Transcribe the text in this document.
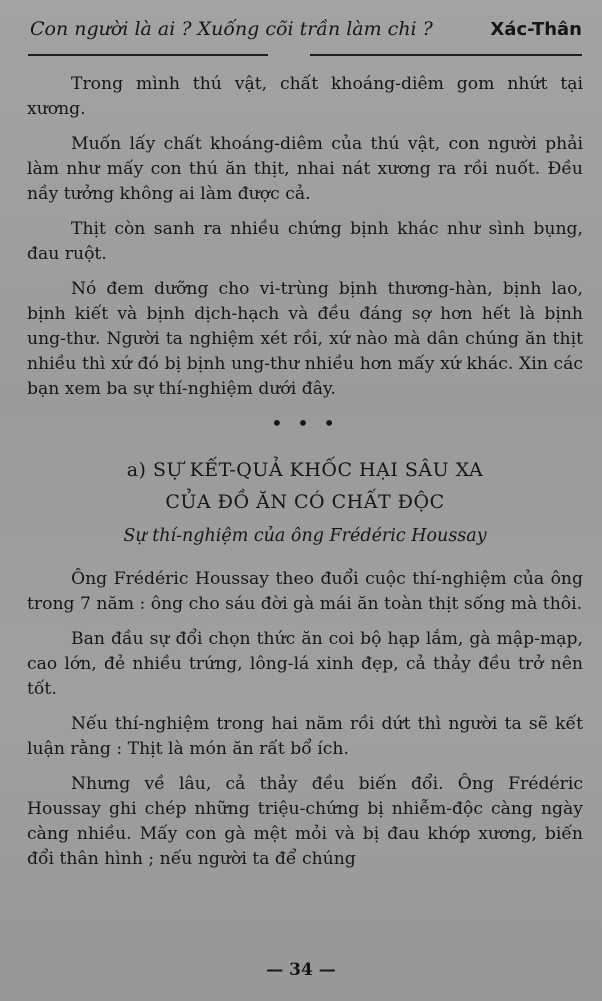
Con người là ai ? Xuống cõi trần làm chi ?	Xác-Thân

Trong mình thú vật, chất khoáng-diêm gom nhứt tại xương.

Muốn lấy chất khoáng-diêm của thú vật, con người phải làm như mấy con thú ăn thịt, nhai nát xương ra rồi nuốt. Đều nầy tưởng không ai làm được cả.

Thịt còn sanh ra nhiều chứng bịnh khác như sình bụng, đau ruột.

Nó đem dưỡng cho vi-trùng bịnh thương-hàn, bịnh lao, bịnh kiết và bịnh dịch-hạch và đều đáng sợ hơn hết là bịnh ung-thư. Người ta nghiệm xét rồi, xứ nào mà dân chúng ăn thịt nhiều thì xứ đó bị bịnh ung-thư nhiều hơn mấy xứ khác. Xin các bạn xem ba sự thí-nghiệm dưới đây.

• • •
a) SỰ KẾT-QUẢ KHỐC HẠI SÂU XA
CỦA ĐỒ ĂN CÓ CHẤT ĐỘC
Sự thí-nghiệm của ông Frédéric Houssay

Ông Frédéric Houssay theo đuổi cuộc thí-nghiệm của ông trong 7 năm : ông cho sáu đời gà mái ăn toàn thịt sống mà thôi.

Ban đầu sự đổi chọn thức ăn coi bộ hạp lắm, gà mập-mạp, cao lớn, đẻ nhiều trứng, lông-lá xinh đẹp, cả thảy đều trở nên tốt.

Nếu thí-nghiệm trong hai năm rồi dứt thì người ta sẽ kết luận rằng : Thịt là món ăn rất bổ ích.

Nhưng về lâu, cả thảy đều biến đổi. Ông Frédéric Houssay ghi chép những triệu-chứng bị nhiễm-độc càng ngày càng nhiều. Mấy con gà mệt mỏi và bị đau khớp xương, biến đổi thân hình ; nếu người ta để chúng

— 34 —
